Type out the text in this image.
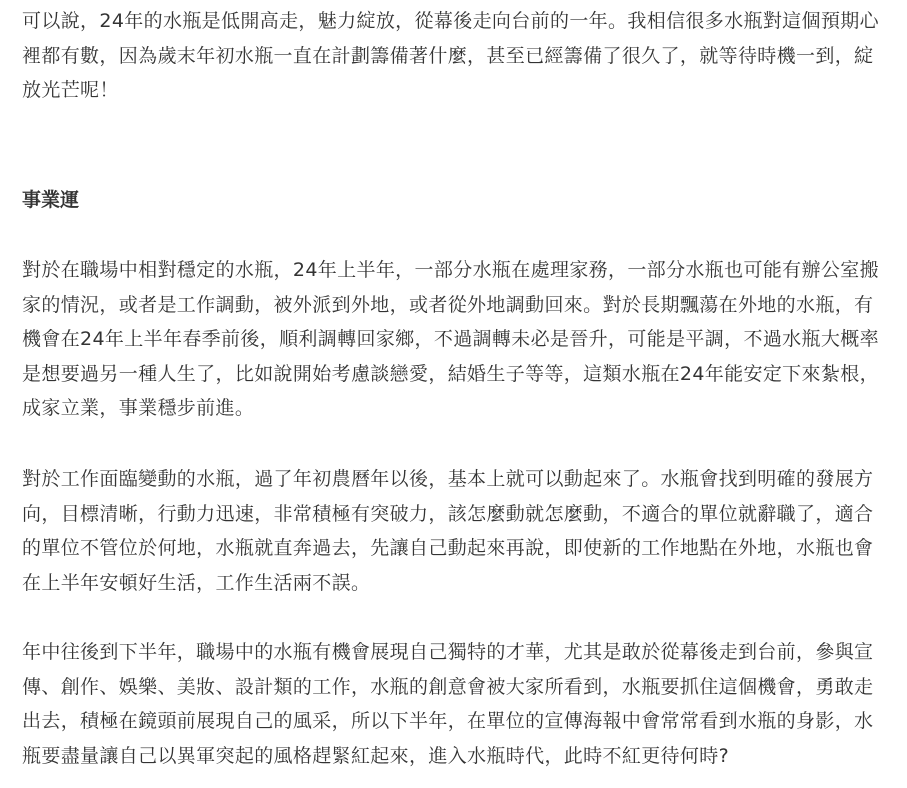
可以說，24年的水瓶是低開高走，魅力綻放，從幕後走向台前的一年。我相信很多水瓶對這個預期心裡都有數，因為歲末年初水瓶一直在計劃籌備著什麼，甚至已經籌備了很久了，就等待時機一到，綻放光芒呢！

事業運

對於在職場中相對穩定的水瓶，24年上半年，一部分水瓶在處理家務，一部分水瓶也可能有辦公室搬家的情況，或者是工作調動，被外派到外地，或者從外地調動回來。對於長期飄蕩在外地的水瓶，有機會在24年上半年春季前後，順利調轉回家鄉，不過調轉未必是晉升，可能是平調，不過水瓶大概率是想要過另一種人生了，比如說開始考慮談戀愛，結婚生子等等，這類水瓶在24年能安定下來紮根，成家立業，事業穩步前進。

對於工作面臨變動的水瓶，過了年初農曆年以後，基本上就可以動起來了。水瓶會找到明確的發展方向，目標清晰，行動力迅速，非常積極有突破力，該怎麼動就怎麼動，不適合的單位就辭職了，適合的單位不管位於何地，水瓶就直奔過去，先讓自己動起來再說，即使新的工作地點在外地，水瓶也會在上半年安頓好生活，工作生活兩不誤。

年中往後到下半年，職場中的水瓶有機會展現自己獨特的才華，尤其是敢於從幕後走到台前，參與宣傳、創作、娛樂、美妝、設計類的工作，水瓶的創意會被大家所看到，水瓶要抓住這個機會，勇敢走出去，積極在鏡頭前展現自己的風采，所以下半年，在單位的宣傳海報中會常常看到水瓶的身影，水瓶要盡量讓自己以異軍突起的風格趕緊紅起來，進入水瓶時代，此時不紅更待何時?
